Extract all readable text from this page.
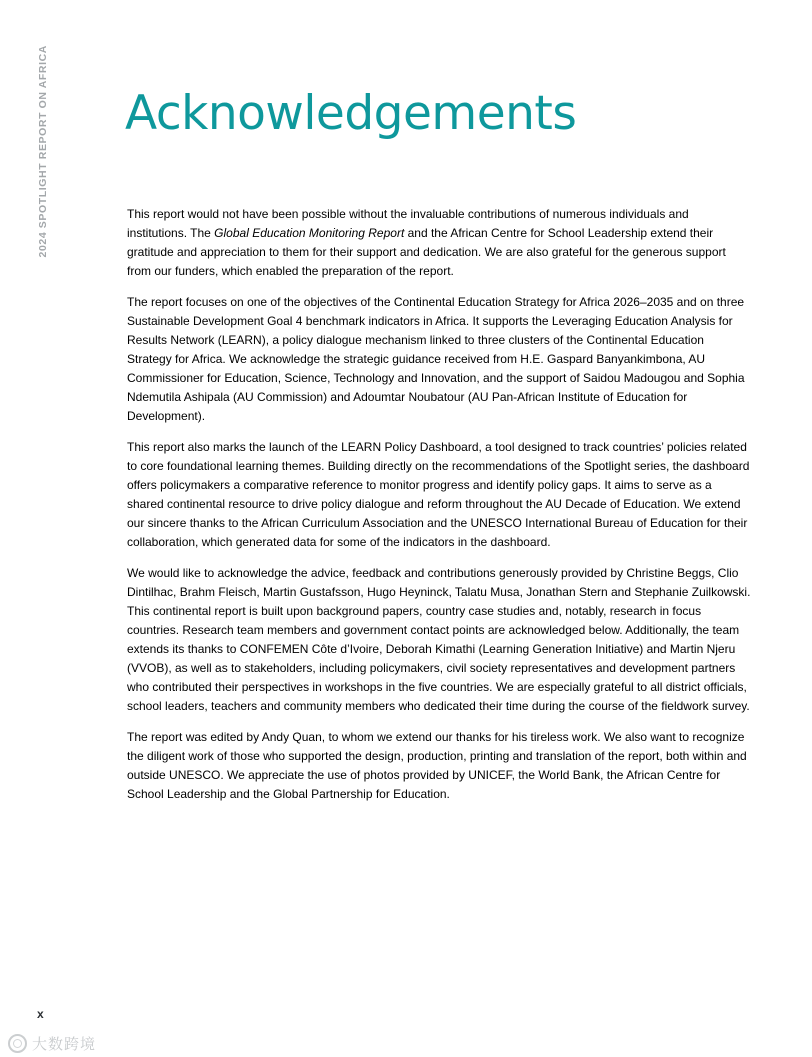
2024 SPOTLIGHT REPORT ON AFRICA Acknowledgements

This report would not have been possible without the invaluable contributions of numerous individuals and institutions. The Global Education Monitoring Report and the African Centre for School Leadership extend their gratitude and appreciation to them for their support and dedication. We are also grateful for the generous support from our funders, which enabled the preparation of the report.

The report focuses on one of the objectives of the Continental Education Strategy for Africa 2026–2035 and on three Sustainable Development Goal 4 benchmark indicators in Africa. It supports the Leveraging Education Analysis for Results Network (LEARN), a policy dialogue mechanism linked to three clusters of the Continental Education Strategy for Africa. We acknowledge the strategic guidance received from H.E. Gaspard Banyankimbona, AU Commissioner for Education, Science, Technology and Innovation, and the support of Saidou Madougou and Sophia Ndemutila Ashipala (AU Commission) and Adoumtar Noubatour (AU Pan-African Institute of Education for Development).

This report also marks the launch of the LEARN Policy Dashboard, a tool designed to track countries’ policies related to core foundational learning themes. Building directly on the recommendations of the Spotlight series, the dashboard offers policymakers a comparative reference to monitor progress and identify policy gaps. It aims to serve as a shared continental resource to drive policy dialogue and reform throughout the AU Decade of Education. We extend our sincere thanks to the African Curriculum Association and the UNESCO International Bureau of Education for their collaboration, which generated data for some of the indicators in the dashboard.

We would like to acknowledge the advice, feedback and contributions generously provided by Christine Beggs, Clio Dintilhac, Brahm Fleisch, Martin Gustafsson, Hugo Heyninck, Talatu Musa, Jonathan Stern and Stephanie Zuilkowski. This continental report is built upon background papers, country case studies and, notably, research in focus countries. Research team members and government contact points are acknowledged below. Additionally, the team extends its thanks to CONFEMEN Côte d’Ivoire, Deborah Kimathi (Learning Generation Initiative) and Martin Njeru (VVOB), as well as to stakeholders, including policymakers, civil society representatives and development partners who contributed their perspectives in workshops in the five countries. We are especially grateful to all district officials, school leaders, teachers and community members who dedicated their time during the course of the fieldwork survey.

The report was edited by Andy Quan, to whom we extend our thanks for his tireless work. We also want to recognize the diligent work of those who supported the design, production, printing and translation of the report, both within and outside UNESCO. We appreciate the use of photos provided by UNICEF, the World Bank, the African Centre for School Leadership and the Global Partnership for Education.

x
大数跨境
